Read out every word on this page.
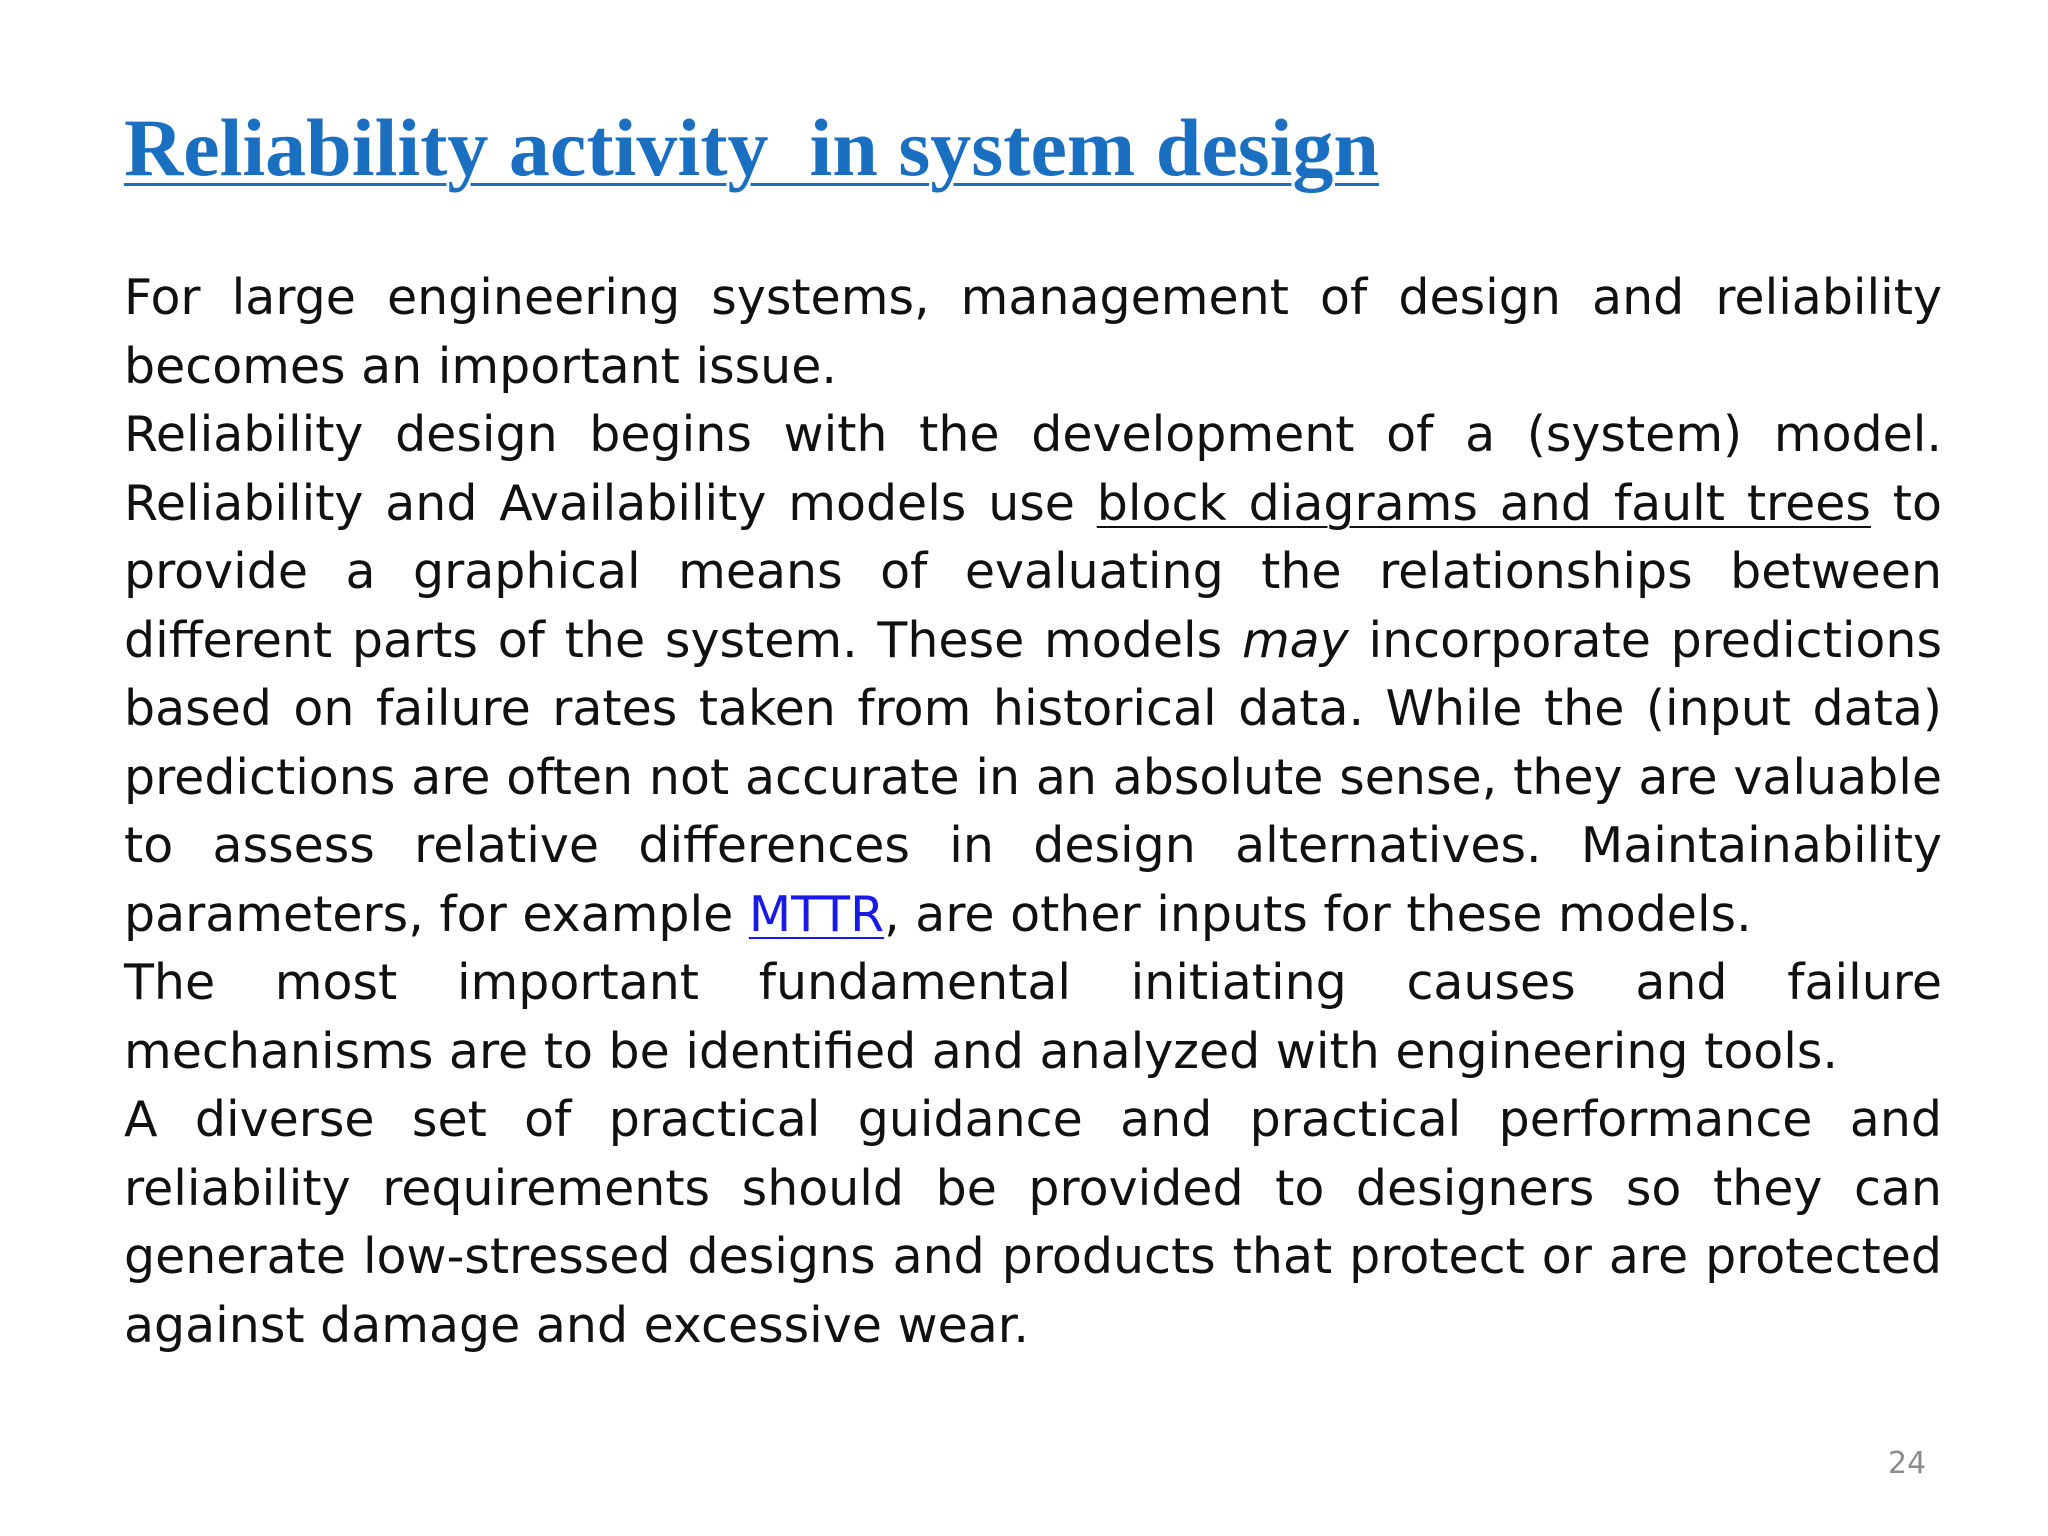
Reliability activity  in system design

For large engineering systems, management of design and reliability becomes an important issue.

Reliability design begins with the development of a (system) model. Reliability and Availability models use block diagrams and fault trees to provide a graphical means of evaluating the relationships between different parts of the system. These models may incorporate predictions based on failure rates taken from historical data. While the (input data) predictions are often not accurate in an absolute sense, they are valuable to assess relative differences in design alternatives. Maintainability parameters, for example MTTR, are other inputs for these models.

The most important fundamental initiating causes and failure mechanisms are to be identified and analyzed with engineering tools.

A diverse set of practical guidance and practical performance and reliability requirements should be provided to designers so they can generate low-stressed designs and products that protect or are protected against damage and excessive wear.

24
